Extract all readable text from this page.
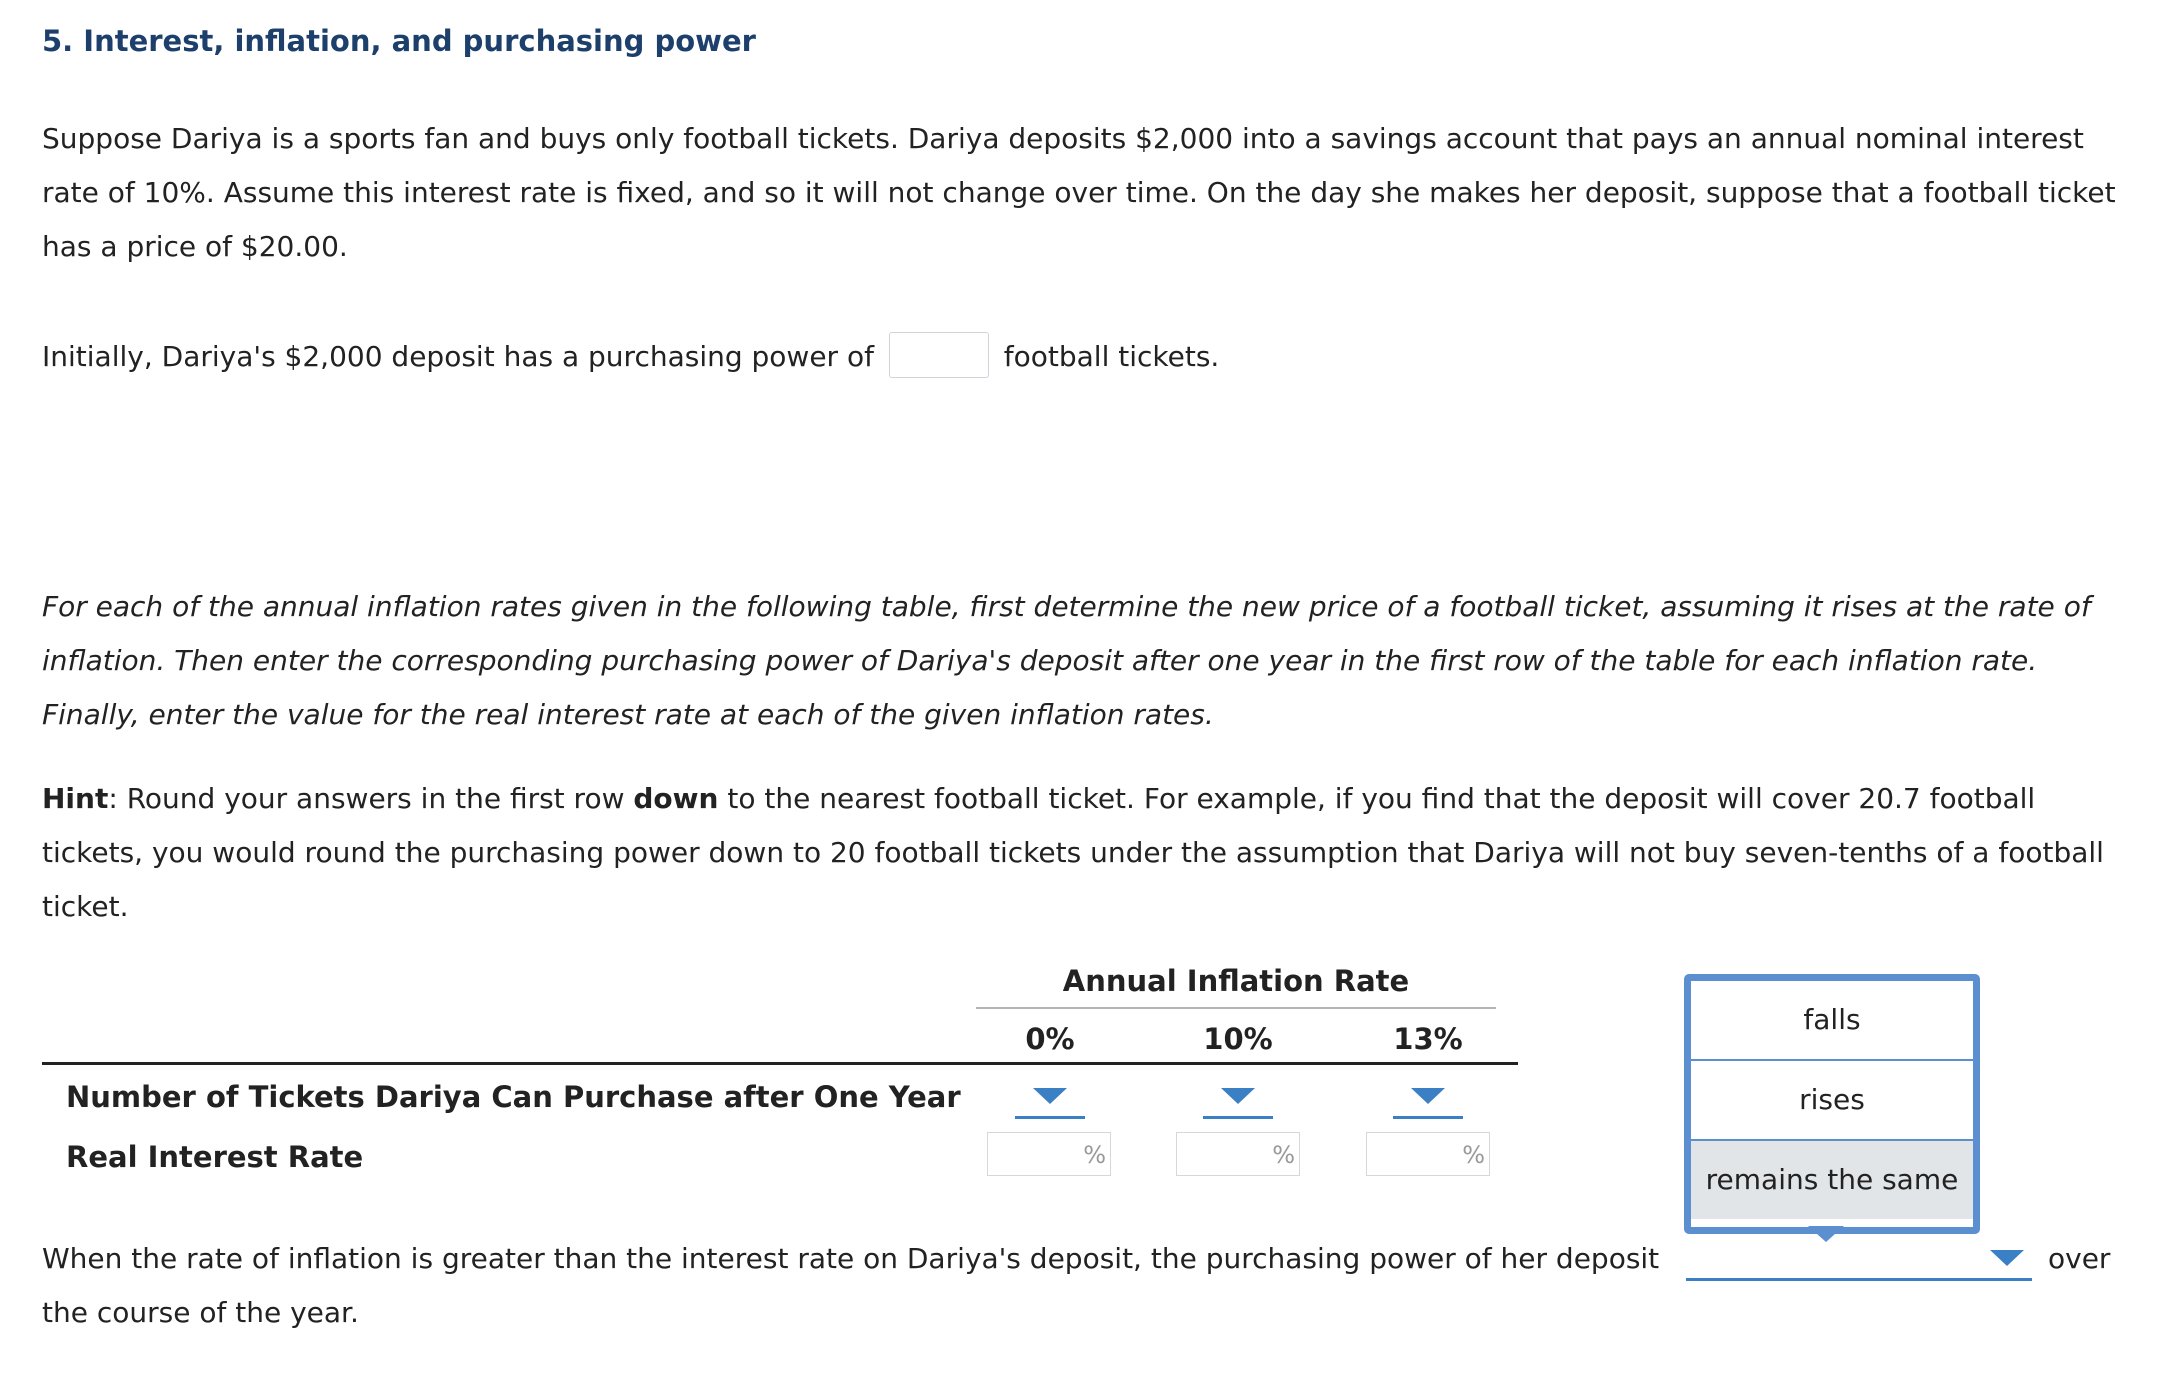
5. Interest, inflation, and purchasing power
Suppose Dariya is a sports fan and buys only football tickets. Dariya deposits $2,000 into a savings account that pays an annual nominal interest
rate of 10%. Assume this interest rate is fixed, and so it will not change over time. On the day she makes her deposit, suppose that a football ticket
has a price of $20.00.
Initially, Dariya's $2,000 deposit has a purchasing power of	football tickets.
For each of the annual inflation rates given in the following table, first determine the new price of a football ticket, assuming it rises at the rate of
inflation. Then enter the corresponding purchasing power of Dariya's deposit after one year in the first row of the table for each inflation rate.
Finally, enter the value for the real interest rate at each of the given inflation rates.
Hint: Round your answers in the first row down to the nearest football ticket. For example, if you find that the deposit will cover 20.7 football
tickets, you would round the purchasing power down to 20 football tickets under the assumption that Dariya will not buy seven-tenths of a football
ticket.
Annual Inflation Rate
0%	10%	13%
Number of Tickets Dariya Can Purchase after One Year
Real Interest Rate	%	%	%
falls
rises
remains the same
When the rate of inflation is greater than the interest rate on Dariya's deposit, the purchasing power of her deposit	over
the course of the year.
